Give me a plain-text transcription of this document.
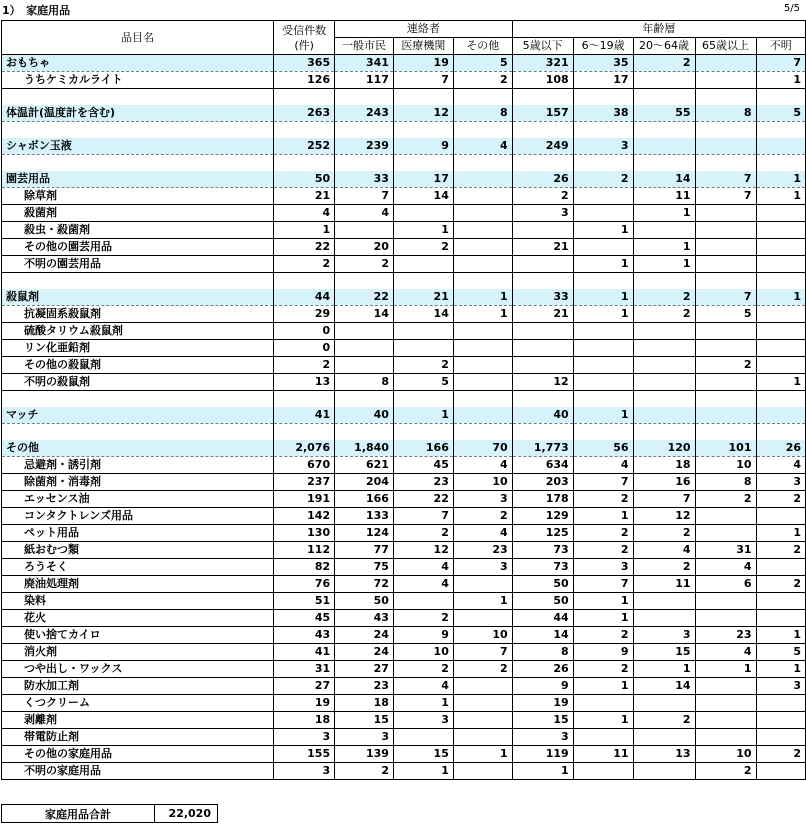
1）　家庭用品	5/5
品目名	受信件数(件)	連絡者			年齢層				
		一般市民	医療機関	その他	5歳以下	6～19歳	20～64歳	65歳以上	不明
おもちゃ	365	341	19	5	321	35	2		7
うちケミカルライト	126	117	7	2	108	17			1

体温計(温度計を含む)	263	243	12	8	157	38	55	8	5

シャボン玉液	252	239	9	4	249	3			

園芸用品	50	33	17		26	2	14	7	1
除草剤	21	7	14		2		11	7	1
殺菌剤	4	4			3		1		
殺虫・殺菌剤	1		1			1			
その他の園芸用品	22	20	2		21		1		
不明の園芸用品	2	2				1	1		

殺鼠剤	44	22	21	1	33	1	2	7	1
抗凝固系殺鼠剤	29	14	14	1	21	1	2	5	
硫酸タリウム殺鼠剤	0								
リン化亜鉛剤	0								
その他の殺鼠剤	2		2					2	
不明の殺鼠剤	13	8	5		12				1

マッチ	41	40	1		40	1			

その他	2,076	1,840	166	70	1,773	56	120	101	26
忌避剤・誘引剤	670	621	45	4	634	4	18	10	4
除菌剤・消毒剤	237	204	23	10	203	7	16	8	3
エッセンス油	191	166	22	3	178	2	7	2	2
コンタクトレンズ用品	142	133	7	2	129	1	12		
ペット用品	130	124	2	4	125	2	2		1
紙おむつ類	112	77	12	23	73	2	4	31	2
ろうそく	82	75	4	3	73	3	2	4	
廃油処理剤	76	72	4		50	7	11	6	2
染料	51	50		1	50	1			
花火	45	43	2		44	1			
使い捨てカイロ	43	24	9	10	14	2	3	23	1
消火剤	41	24	10	7	8	9	15	4	5
つや出し・ワックス	31	27	2	2	26	2	1	1	1
防水加工剤	27	23	4		9	1	14		3
くつクリーム	19	18	1		19				
剥離剤	18	15	3		15	1	2		
帯電防止剤	3	3			3				
その他の家庭用品	155	139	15	1	119	11	13	10	2
不明の家庭用品	3	2	1		1			2	
家庭用品合計	22,020
